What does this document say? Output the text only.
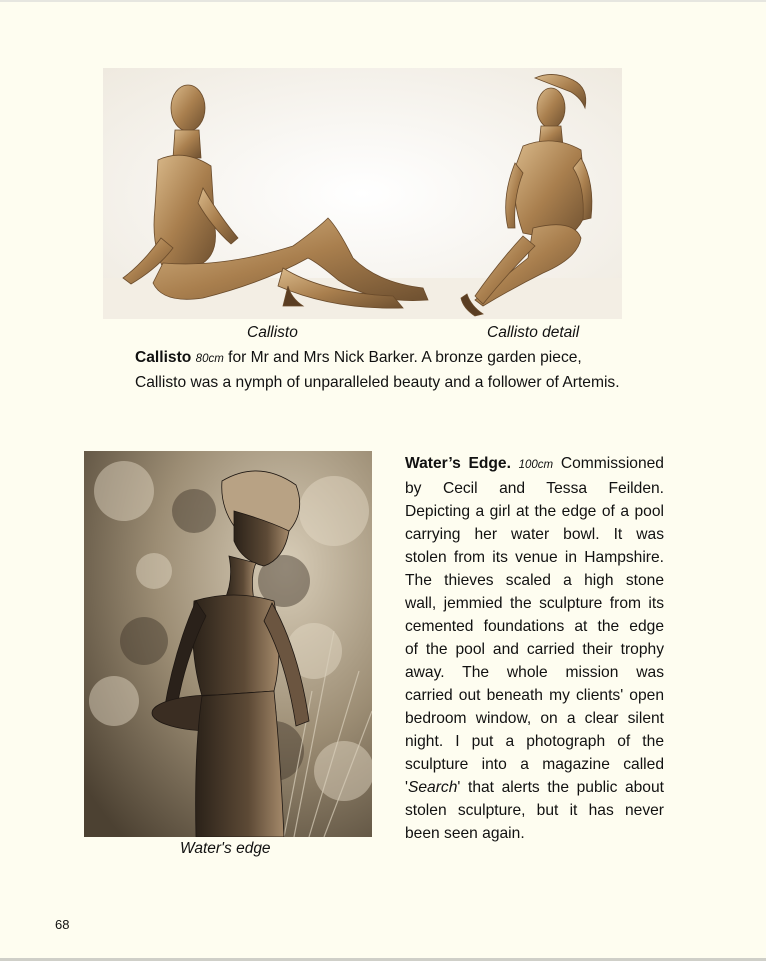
Callisto	Callisto detail
Callisto 80cm for Mr and Mrs Nick Barker. A bronze garden piece,
Callisto was a nymph of unparalleled beauty and a follower of Artemis.
Water's edge
Water’s Edge. 100cm Commissioned
by Cecil and Tessa Feilden.
Depicting a girl at the edge of a pool
carrying her water bowl. It was
stolen from its venue in Hampshire.
The thieves scaled a high stone
wall, jemmied the sculpture from its
cemented foundations at the edge
of the pool and carried their trophy
away. The whole mission was
carried out beneath my clients' open
bedroom window, on a clear silent
night. I put a photograph of the
sculpture into a magazine called
'Search' that alerts the public about
stolen sculpture, but it has never
been seen again.
68
